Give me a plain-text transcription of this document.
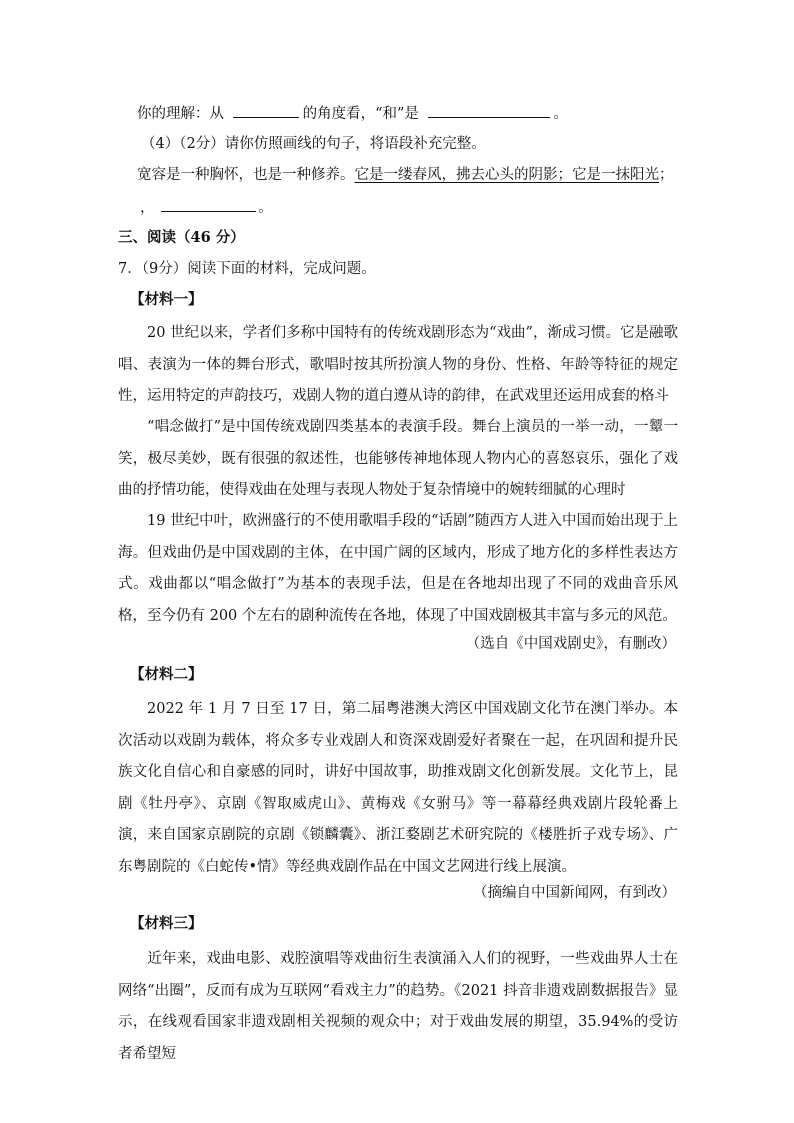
你的理解：从	的角度看，“和”是	。
（4）（2分）请你仿照画线的句子，将语段补充完整。
宽容是一种胸怀，也是一种修养。它是一缕春风，拂去心头的阴影；它是一抹阳光；
，	。
三、阅读（46 分）
7．（9分）阅读下面的材料，完成问题。
【材料一】

20 世纪以来，学者们多称中国特有的传统戏剧形态为“戏曲”，渐成习惯。它是融歌唱、表演为一体的舞台形式，歌唱时按其所扮演人物的身份、性格、年龄等特征的规定性，运用特定的声韵技巧，戏剧人物的道白遵从诗的韵律，在武戏里还运用成套的格斗

“唱念做打”是中国传统戏剧四类基本的表演手段。舞台上演员的一举一动，一颦一笑，极尽美妙，既有很强的叙述性，也能够传神地体现人物内心的喜怒哀乐，强化了戏曲的抒情功能，使得戏曲在处理与表现人物处于复杂情境中的婉转细腻的心理时

19 世纪中叶，欧洲盛行的不使用歌唱手段的“话剧”随西方人进入中国而始出现于上海。但戏曲仍是中国戏剧的主体，在中国广阔的区域内，形成了地方化的多样性表达方式。戏曲都以“唱念做打”为基本的表现手法，但是在各地却出现了不同的戏曲音乐风格，至今仍有 200 个左右的剧种流传在各地，体现了中国戏剧极其丰富与多元的风范。

（选自《中国戏剧史》，有删改）
【材料二】

2022 年 1 月 7 日至 17 日，第二届粤港澳大湾区中国戏剧文化节在澳门举办。本次活动以戏剧为载体，将众多专业戏剧人和资深戏剧爱好者聚在一起，在巩固和提升民族文化自信心和自豪感的同时，讲好中国故事，助推戏剧文化创新发展。文化节上，昆剧《牡丹亭》、京剧《智取威虎山》、黄梅戏《女驸马》等一幕幕经典戏剧片段轮番上演，来自国家京剧院的京剧《锁麟囊》、浙江婺剧艺术研究院的《楼胜折子戏专场》、广东粤剧院的《白蛇传•情》等经典戏剧作品在中国文艺网进行线上展演。

（摘编自中国新闻网，有到改）
【材料三】

近年来，戏曲电影、戏腔演唱等戏曲衍生表演涌入人们的视野，一些戏曲界人士在网络“出圈”，反而有成为互联网“看戏主力”的趋势。《2021 抖音非遗戏剧数据报告》显示，在线观看国家非遗戏剧相关视频的观众中；对于戏曲发展的期望，35.94%的受访者希望短
